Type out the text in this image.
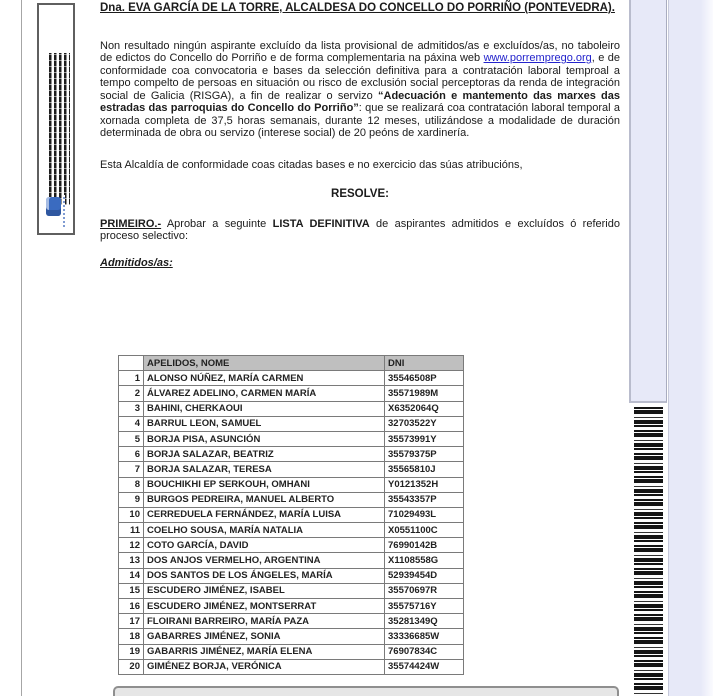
Dna. EVA GARCÍA DE LA TORRE, ALCALDESA DO CONCELLO DO PORRIÑO (PONTEVEDRA).

Non resultado ningún aspirante excluído da lista provisional de admitidos/as e excluídos/as, no taboleiro de edictos do Concello do Porriño e de forma complementaria na páxina web www.porremprego.org, e de conformidade coa convocatoria e bases da selección definitiva para a contratación laboral temproal a tempo compelto de persoas en situación ou risco de exclusión social perceptoras da renda de integración social de Galicia (RISGA), a fin de realizar o servizo “Adecuación e mantemento das marxes das estradas das parroquias do Concello do Porriño”: que se realizará coa contratación laboral temporal a xornada completa de 37,5 horas semanais, durante 12 meses, utilizándose a modalidade de duración determinada de obra ou servizo (interese social) de 20 peóns de xardinería.

Esta Alcaldía de conformidade coas citadas bases e no exercicio das súas atribucións,

RESOLVE:

PRIMEIRO.- Aprobar a seguinte LISTA DEFINITIVA de aspirantes admitidos e excluídos ó referido proceso selectivo:

Admitidos/as:

	APELIDOS, NOME	DNI
1	ALONSO NÚÑEZ, MARÍA CARMEN	35546508P
2	ÁLVAREZ ADELINO, CARMEN MARÍA	35571989M
3	BAHINI, CHERKAOUI	X6352064Q
4	BARRUL LEON, SAMUEL	32703522Y
5	BORJA PISA, ASUNCIÓN	35573991Y
6	BORJA SALAZAR, BEATRIZ	35579375P
7	BORJA SALAZAR, TERESA	35565810J
8	BOUCHIKHI EP SERKOUH, OMHANI	Y0121352H
9	BURGOS PEDREIRA, MANUEL ALBERTO	35543357P
10	CERREDUELA FERNÁNDEZ, MARÍA LUISA	71029493L
11	COELHO SOUSA, MARÍA NATALIA	X0551100C
12	COTO GARCÍA, DAVID	76990142B
13	DOS ANJOS VERMELHO, ARGENTINA	X1108558G
14	DOS SANTOS DE LOS ÁNGELES, MARÍA	52939454D
15	ESCUDERO JIMÉNEZ, ISABEL	35570697R
16	ESCUDERO JIMÉNEZ, MONTSERRAT	35575716Y
17	FLOIRANI BARREIRO, MARÍA PAZA	35281349Q
18	GABARRES JIMÉNEZ, SONIA	33336685W
19	GABARRIS JIMÉNEZ, MARÍA ELENA	76907834C
20	GIMÉNEZ BORJA, VERÓNICA	35574424W
